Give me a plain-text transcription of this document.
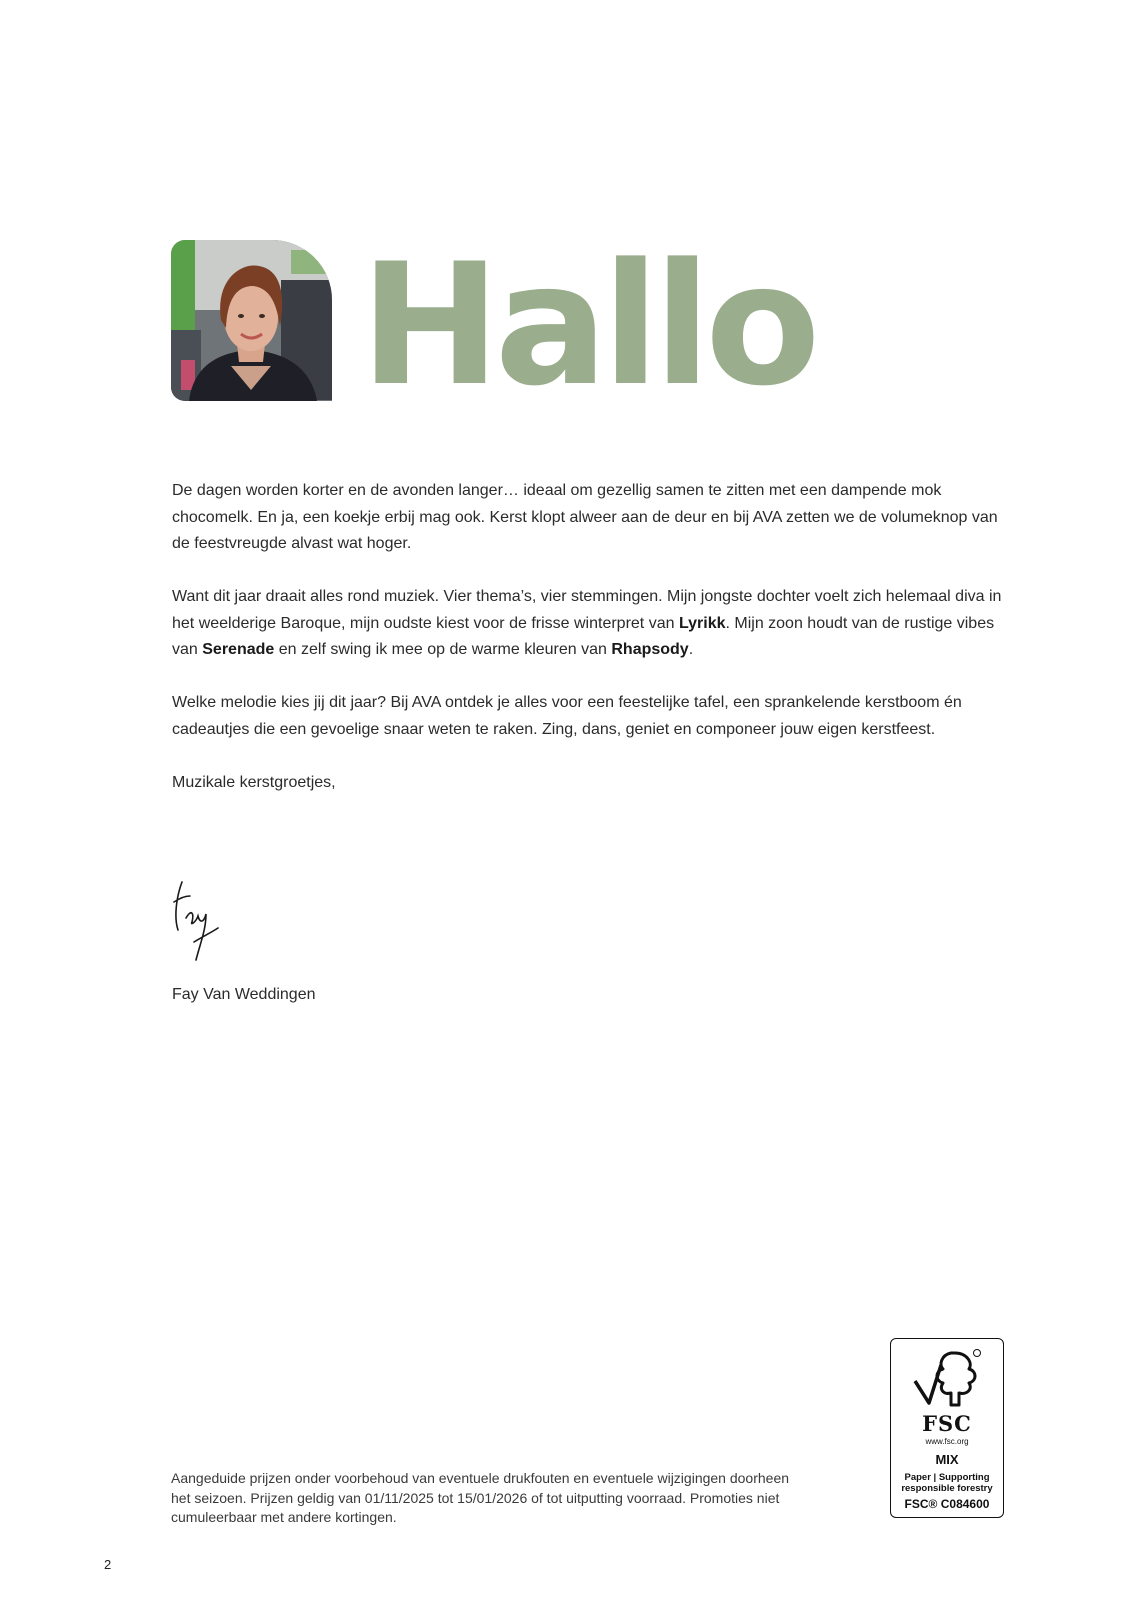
Hallo

De dagen worden korter en de avonden langer… ideaal om gezellig samen te zitten met een dampende mok chocomelk. En ja, een koekje erbij mag ook. Kerst klopt alweer aan de deur en bij AVA zetten we de volumeknop van de feestvreugde alvast wat hoger.

Want dit jaar draait alles rond muziek. Vier thema’s, vier stemmingen. Mijn jongste dochter voelt zich helemaal diva in het weelderige Baroque, mijn oudste kiest voor de frisse winterpret van Lyrikk. Mijn zoon houdt van de rustige vibes van Serenade en zelf swing ik mee op de warme kleuren van Rhapsody.

Welke melodie kies jij dit jaar? Bij AVA ontdek je alles voor een feestelijke tafel, een sprankelende kerstboom én cadeautjes die een gevoelige snaar weten te raken. Zing, dans, geniet en componeer jouw eigen kerstfeest.

Muzikale kerstgroetjes,

Fay Van Weddingen
Aangeduide prijzen onder voorbehoud van eventuele drukfouten en eventuele wijzigingen doorheen het seizoen. Prijzen geldig van 01/11/2025 tot 15/01/2026 of tot uitputting voorraad. Promoties niet cumuleerbaar met andere kortingen.
FSC
www.fsc.org
MIX
Paper | Supporting responsible forestry
FSC® C084600
2
